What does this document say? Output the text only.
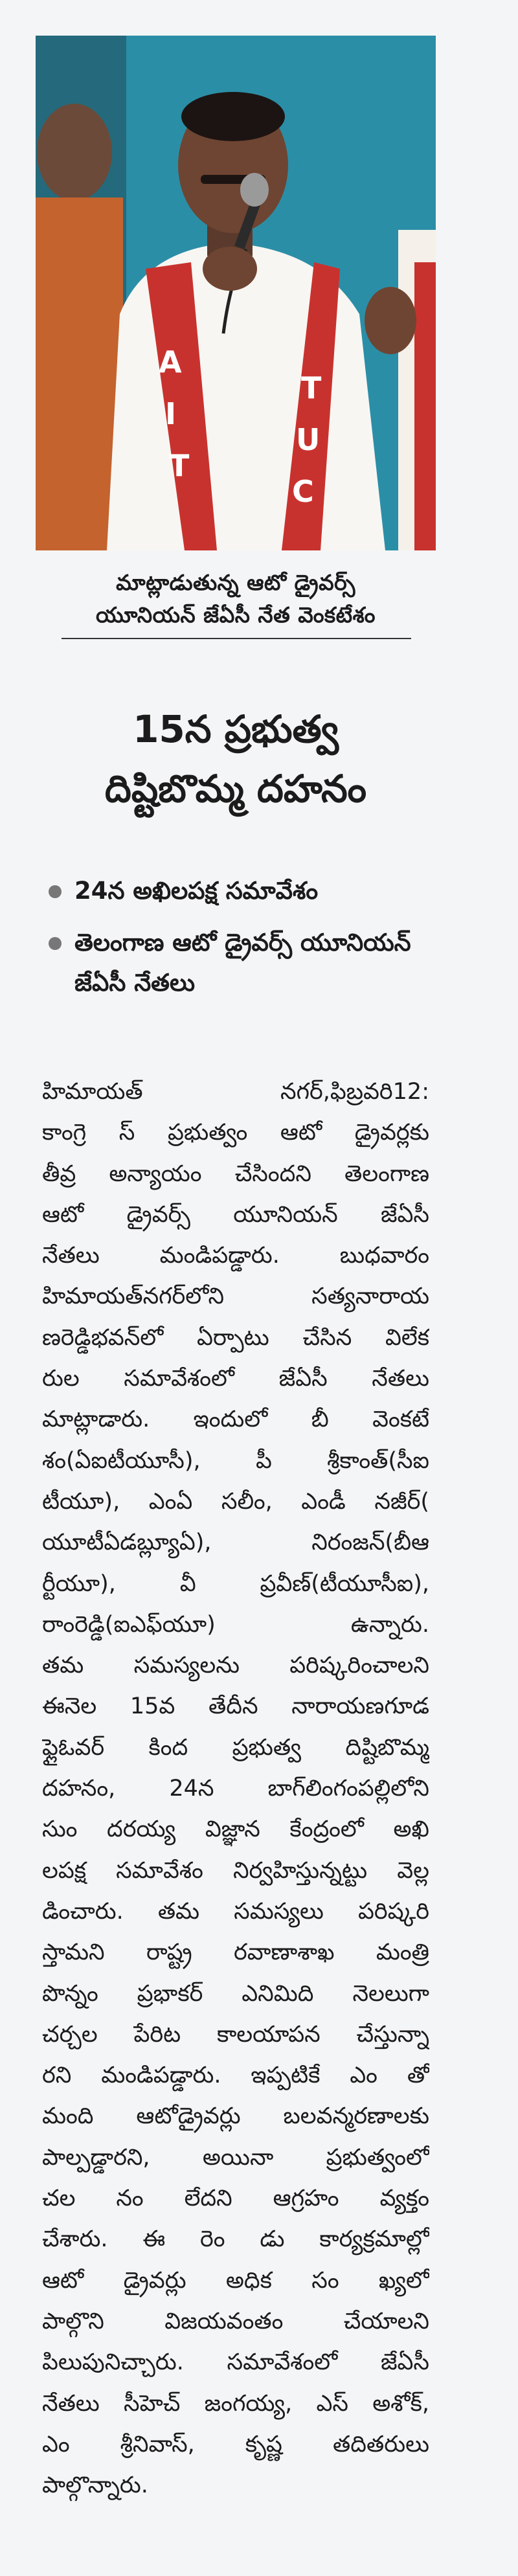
A
I
T
T
U
C
మాట్లాడుతున్న ఆటో డ్రైవర్స్
యూనియన్ జేఏసీ నేత వెంకటేశం
15న ప్రభుత్వ
దిష్టిబొమ్మ దహనం
24న అఖిలపక్ష సమావేశం
తెలంగాణ ఆటో డ్రైవర్స్ యూనియన్ జేఏసీ నేతలు
హిమాయత్ నగర్,ఫిబ్రవరి12:
కాంగ్రె స్ ప్రభుత్వం ఆటో డ్రైవర్లకు
తీవ్ర అన్యాయం చేసిందని తెలంగాణ
ఆటో డ్రైవర్స్ యూనియన్ జేఏసీ
నేతలు మండిపడ్డారు. బుధవారం
హిమాయత్‌నగర్‌లోని సత్యనారాయ
ణరెడ్డిభవన్‌లో ఏర్పాటు చేసిన విలేక
రుల సమావేశంలో జేఏసీ నేతలు
మాట్లాడారు. ఇందులో బీ వెంకటే
శం(ఏఐటీయూసీ), పీ శ్రీకాంత్(సీఐ
టీయూ), ఎంఏ సలీం, ఎండీ నజీర్(
యూటీఏడబ్ల్యూఏ), నిరంజన్(బీఆ
ర్టీయూ), వీ ప్రవీణ్(టీయూసీఐ),
రాంరెడ్డి(ఐఎఫ్‌యూ) ఉన్నారు.
తమ సమస్యలను పరిష్కరించాలని
ఈనెల 15వ తేదీన నారాయణగూడ
ఫ్లైఓవర్ కింద ప్రభుత్వ దిష్టిబొమ్మ
దహనం, 24న బాగ్‌లింగంపల్లిలోని
సుం దరయ్య విజ్ఞాన కేంద్రంలో అఖి
లపక్ష సమావేశం నిర్వహిస్తున్నట్టు వెల్ల
డించారు. తమ సమస్యలు పరిష్కరి
స్తామని రాష్ట్ర రవాణాశాఖ మంత్రి
పొన్నం ప్రభాకర్ ఎనిమిది నెలలుగా
చర్చల పేరిట కాలయాపన చేస్తున్నా
రని మండిపడ్డారు. ఇప్పటికే ఎం తో
మంది ఆటోడ్రైవర్లు బలవన్మరణాలకు
పాల్పడ్డారని, అయినా ప్రభుత్వంలో
చల నం లేదని ఆగ్రహం వ్యక్తం
చేశారు. ఈ రెం డు కార్యక్రమాల్లో
ఆటో డ్రైవర్లు అధిక సం ఖ్యలో
పాల్గొని విజయవంతం చేయాలని
పిలుపునిచ్చారు. సమావేశంలో జేఏసీ
నేతలు సీహెచ్ జంగయ్య, ఎస్ అశోక్,
ఎం శ్రీనివాస్, కృష్ణ తదితరులు
పాల్గొన్నారు.
